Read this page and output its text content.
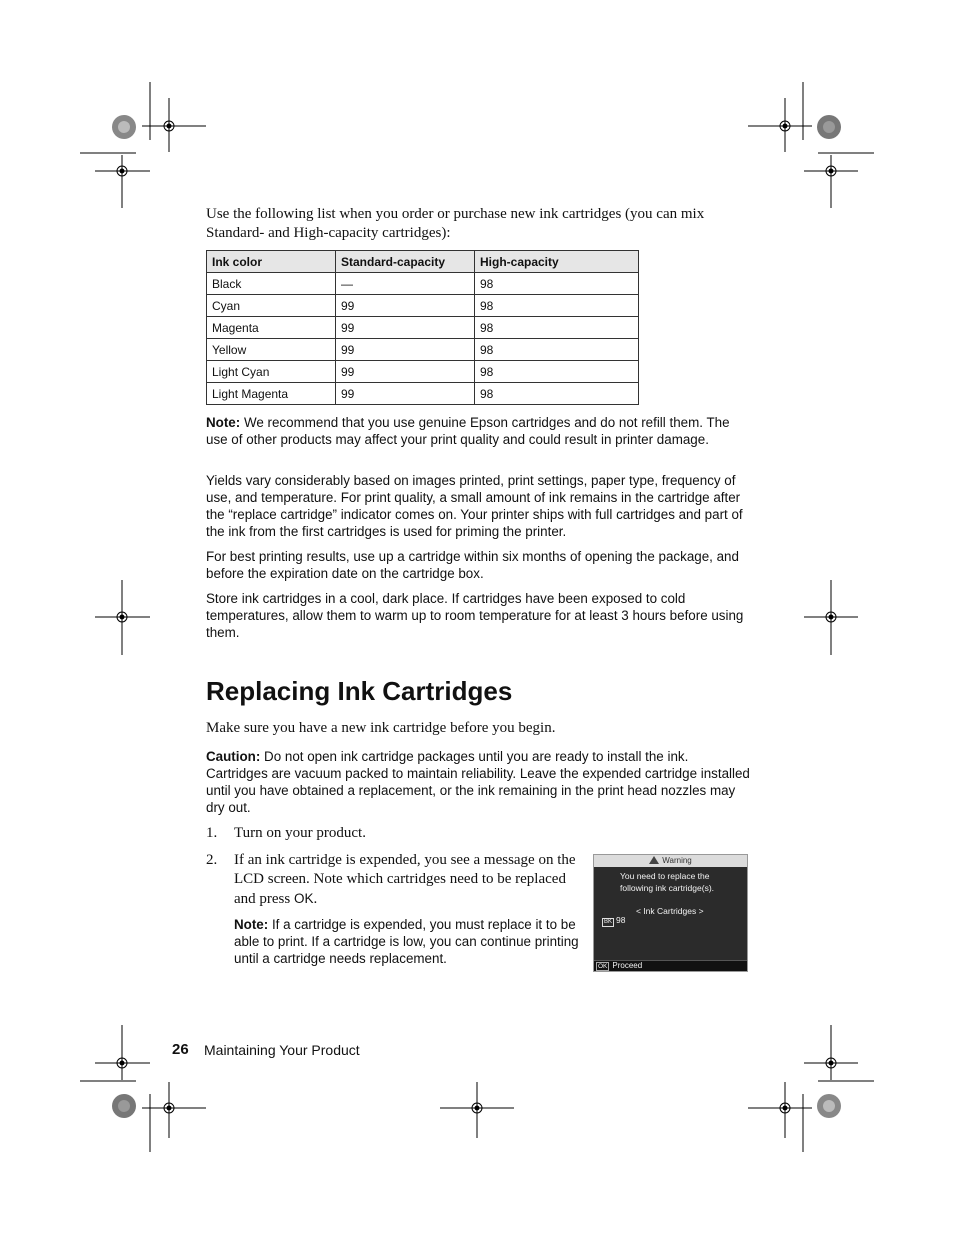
Use the following list when you order or purchase new ink cartridges (you can mix Standard- and High-capacity cartridges):
Ink color	Standard-capacity	High-capacity
Black	—	98
Cyan	99	98
Magenta	99	98
Yellow	99	98
Light Cyan	99	98
Light Magenta	99	98
Note: We recommend that you use genuine Epson cartridges and do not refill them. The use of other products may affect your print quality and could result in printer damage.
Yields vary considerably based on images printed, print settings, paper type, frequency of use, and temperature. For print quality, a small amount of ink remains in the cartridge after the “replace cartridge” indicator comes on. Your printer ships with full cartridges and part of the ink from the first cartridges is used for priming the printer.
For best printing results, use up a cartridge within six months of opening the package, and before the expiration date on the cartridge box.
Store ink cartridges in a cool, dark place. If cartridges have been exposed to cold temperatures, allow them to warm up to room temperature for at least 3 hours before using them.
Replacing Ink Cartridges
Make sure you have a new ink cartridge before you begin.
Caution: Do not open ink cartridge packages until you are ready to install the ink. Cartridges are vacuum packed to maintain reliability. Leave the expended cartridge installed until you have obtained a replacement, or the ink remaining in the print head nozzles may dry out.
1. Turn on your product.
2. If an ink cartridge is expended, you see a message on the LCD screen. Note which cartridges need to be replaced and press OK.
Note: If a cartridge is expended, you must replace it to be able to print. If a cartridge is low, you can continue printing until a cartridge needs replacement.
Warning
You need to replace the
following ink cartridge(s).
< Ink Cartridges >
BK 98
OK Proceed
26 Maintaining Your Product
